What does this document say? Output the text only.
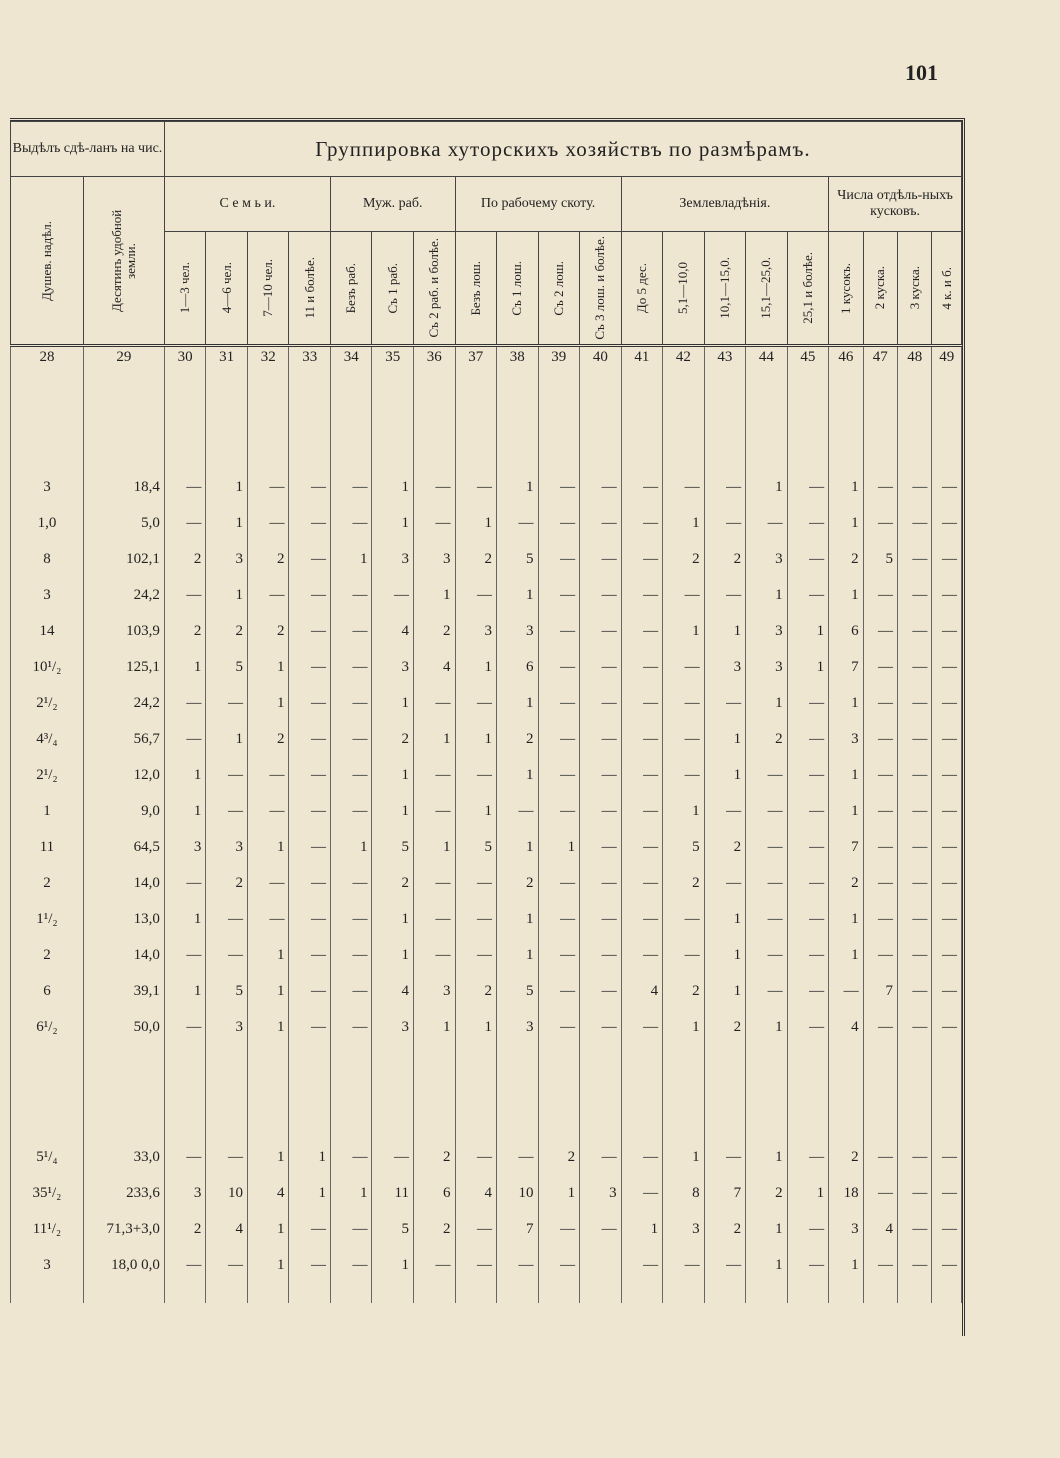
101
Выдѣлъ сдѣ-ланъ на чис.		Группировка хуторскихъ хозяйствъ по размѣрамъ.																			

Душев. надѣл.	Десятинъ удобной земли.	С е м ь и.				Муж. раб.			По рабочему скоту.				Землевладѣнія.					Числа отдѣль-ныхъ кусковъ.			

		1—3 чел.	4—6 чел.	7—10 чел.	11 и болѣе.	Безъ раб.	Съ 1 раб.	Съ 2 раб. и болѣе.	Безъ лош.	Съ 1 лош.	Съ 2 лош.	Съ 3 лош. и болѣе.	До 5 дес.	5,1—10,0	10,1—15,0.	15,1—25,0.	25,1 и болѣе.	1 кусокъ.	2 куска.	3 куска.	4 к. и б.

28	29	30	31	32	33	34	35	36	37	38	39	40	41	42	43	44	45	46	47	48	49

3	18,4	—	1	—	—	—	1	—	—	1	—	—	—	—	—	1	—	1	—	—	—
1,0	5,0	—	1	—	—	—	1	—	1	—	—	—	—	1	—	—	—	1	—	—	—
8	102,1	2	3	2	—	1	3	3	2	5	—	—	—	2	2	3	—	2	5	—	—
3	24,2	—	1	—	—	—	—	1	—	1	—	—	—	—	—	1	—	1	—	—	—
14	103,9	2	2	2	—	—	4	2	3	3	—	—	—	1	1	3	1	6	—	—	—
10¹/₂	125,1	1	5	1	—	—	3	4	1	6	—	—	—	—	3	3	1	7	—	—	—
2¹/₂	24,2	—	—	1	—	—	1	—	—	1	—	—	—	—	—	1	—	1	—	—	—
4³/₄	56,7	—	1	2	—	—	2	1	1	2	—	—	—	—	1	2	—	3	—	—	—
2¹/₂	12,0	1	—	—	—	—	1	—	—	1	—	—	—	—	1	—	—	1	—	—	—
1	9,0	1	—	—	—	—	1	—	1	—	—	—	—	1	—	—	—	1	—	—	—
11	64,5	3	3	1	—	1	5	1	5	1	1	—	—	5	2	—	—	7	—	—	—
2	14,0	—	2	—	—	—	2	—	—	2	—	—	—	2	—	—	—	2	—	—	—
1¹/₂	13,0	1	—	—	—	—	1	—	—	1	—	—	—	—	1	—	—	1	—	—	—
2	14,0	—	—	1	—	—	1	—	—	1	—	—	—	—	1	—	—	1	—	—	—
6	39,1	1	5	1	—	—	4	3	2	5	—	—	4	2	1	—	—	—	7	—	—
6¹/₂	50,0	—	3	1	—	—	3	1	1	3	—	—	—	1	2	1	—	4	—	—	—

5¹/₄	33,0	—	—	1	1	—	—	2	—	—	2	—	—	1	—	1	—	2	—	—	—
35¹/₂	233,6	3	10	4	1	1	11	6	4	10	1	3	—	8	7	2	1	18	—	—	—
11¹/₂	71,3+3,0	2	4	1	—	—	5	2	—	7	—	—	1	3	2	1	—	3	4	—	—
3	18,0 0,0	—	—	1	—	—	1	—	—	—	—		—	—	—	1	—	1	—	—	—
